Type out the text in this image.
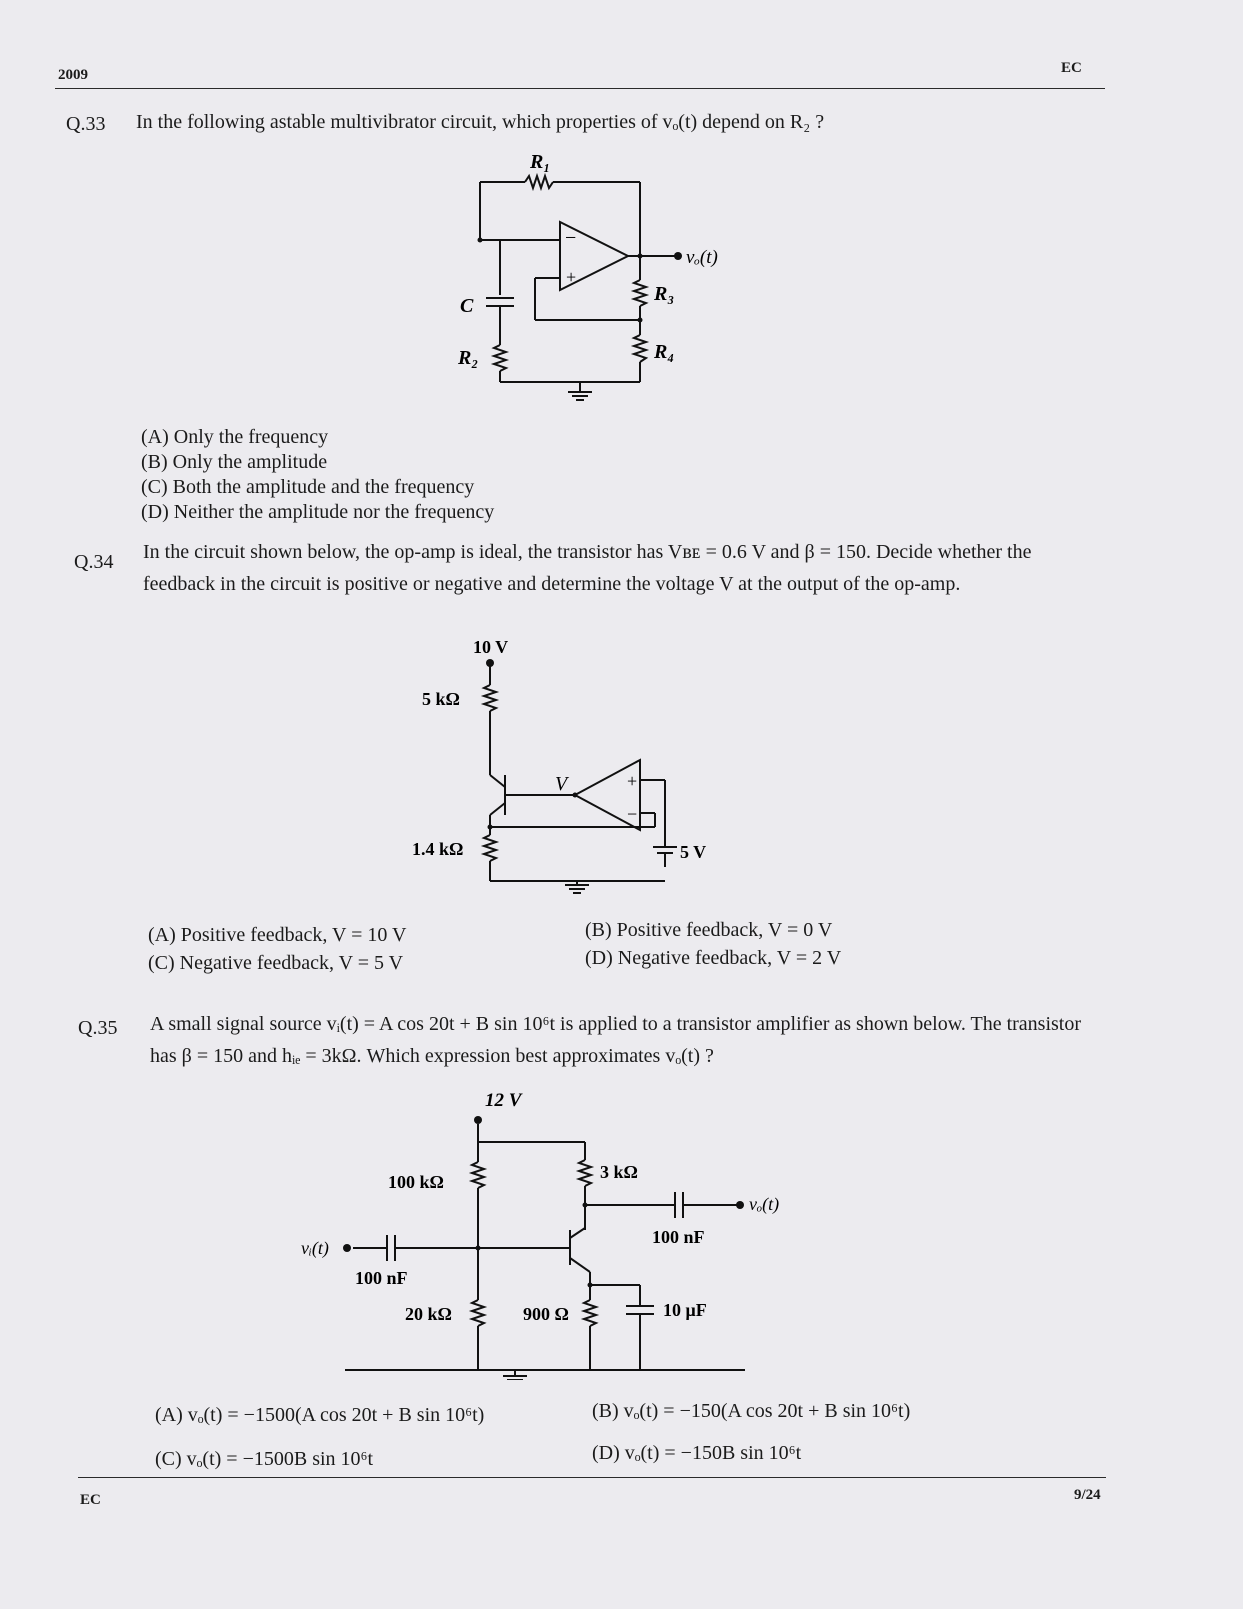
2009	EC
Q.33 In the following astable multivibrator circuit, which properties of vₒ(t) depend on R₂ ?
R₁
−
+
vₒ(t)
R₃
C
R₄
R₂
(A) Only the frequency
(B) Only the amplitude
(C) Both the amplitude and the frequency
(D) Neither the amplitude nor the frequency
Q.34 In the circuit shown below, the op-amp is ideal, the transistor has Vʙᴇ = 0.6 V and β = 150. Decide whether the feedback in the circuit is positive or negative and determine the voltage V at the output of the op-amp.
10 V
5 kΩ
V	+
−
1.4 kΩ	5 V
(A) Positive feedback, V = 10 V	(B) Positive feedback, V = 0 V
(C) Negative feedback, V = 5 V	(D) Negative feedback, V = 2 V
Q.35 A small signal source vᵢ(t) = A cos 20t + B sin 10⁶t is applied to a transistor amplifier as shown below. The transistor has β = 150 and hᵢₑ = 3kΩ. Which expression best approximates vₒ(t) ?
12 V
100 kΩ	3 kΩ
vₒ(t)
100 nF
vᵢ(t)
100 nF
20 kΩ	900 Ω	10 μF
(A) vₒ(t) = −1500(A cos 20t + B sin 10⁶t)	(B) vₒ(t) = −150(A cos 20t + B sin 10⁶t)
(C) vₒ(t) = −1500B sin 10⁶t	(D) vₒ(t) = −150B sin 10⁶t
EC	9/24
